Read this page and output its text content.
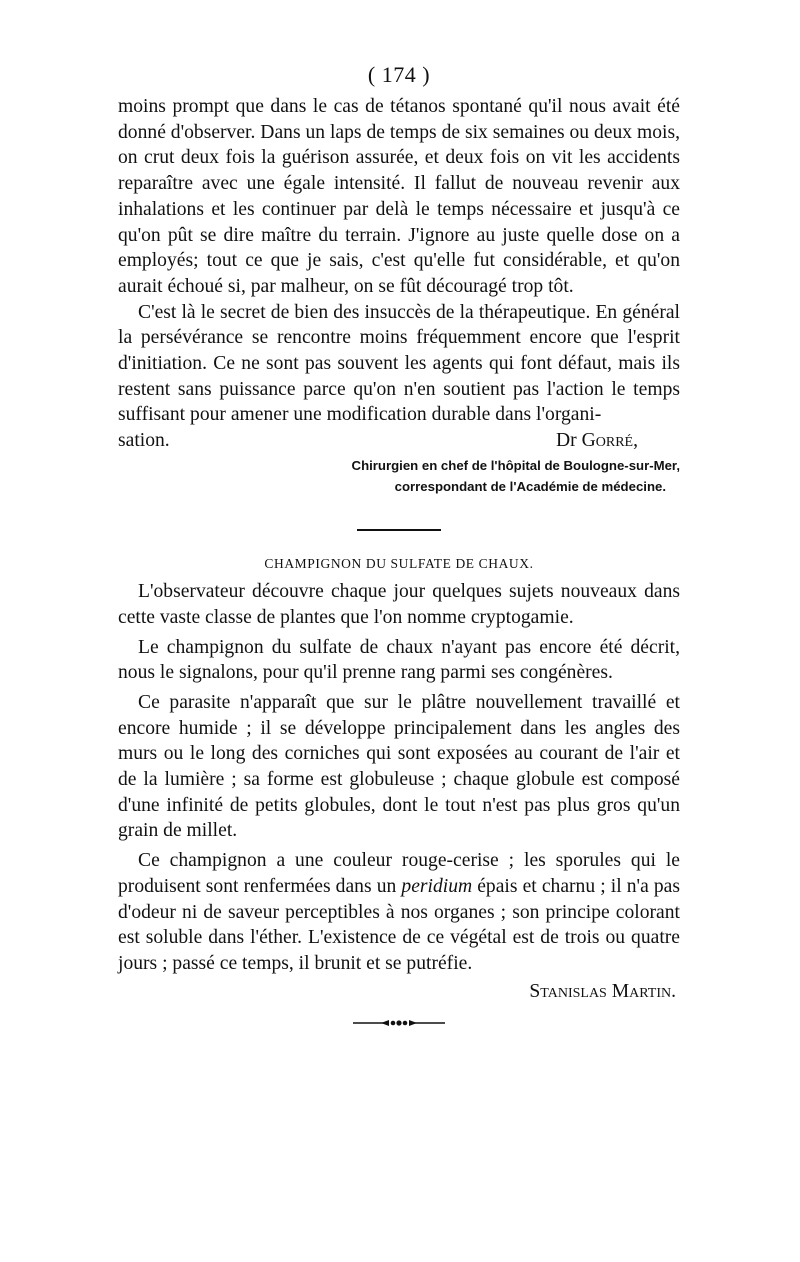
( 174 )

moins prompt que dans le cas de tétanos spontané qu'il nous avait été donné d'observer. Dans un laps de temps de six semaines ou deux mois, on crut deux fois la guérison assurée, et deux fois on vit les accidents reparaître avec une égale intensité. Il fallut de nouveau revenir aux inhalations et les continuer par delà le temps nécessaire et jusqu'à ce qu'on pût se dire maître du terrain. J'ignore au juste quelle dose on a employés; tout ce que je sais, c'est qu'elle fut considérable, et qu'on aurait échoué si, par malheur, on se fût découragé trop tôt.

C'est là le secret de bien des insuccès de la thérapeutique. En général la persévérance se rencontre moins fréquemment encore que l'esprit d'initiation. Ce ne sont pas souvent les agents qui font défaut, mais ils restent sans puissance parce qu'on n'en soutient pas l'action le temps suffisant pour amener une modification durable dans l'organi-

sation.	Dr Gorré,
Chirurgien en chef de l'hôpital de Boulogne-sur-Mer,
correspondant de l'Académie de médecine.
CHAMPIGNON DU SULFATE DE CHAUX.

L'observateur découvre chaque jour quelques sujets nouveaux dans cette vaste classe de plantes que l'on nomme cryptogamie.

Le champignon du sulfate de chaux n'ayant pas encore été décrit, nous le signalons, pour qu'il prenne rang parmi ses congénères.

Ce parasite n'apparaît que sur le plâtre nouvellement travaillé et encore humide ; il se développe principalement dans les angles des murs ou le long des corniches qui sont exposées au courant de l'air et de la lumière ; sa forme est globuleuse ; chaque globule est composé d'une infinité de petits globules, dont le tout n'est pas plus gros qu'un grain de millet.

Ce champignon a une couleur rouge-cerise ; les sporules qui le produisent sont renfermées dans un peridium épais et charnu ; il n'a pas d'odeur ni de saveur perceptibles à nos organes ; son principe colorant est soluble dans l'éther. L'existence de ce végétal est de trois ou quatre jours ; passé ce temps, il brunit et se putréfie.

Stanislas Martin.
